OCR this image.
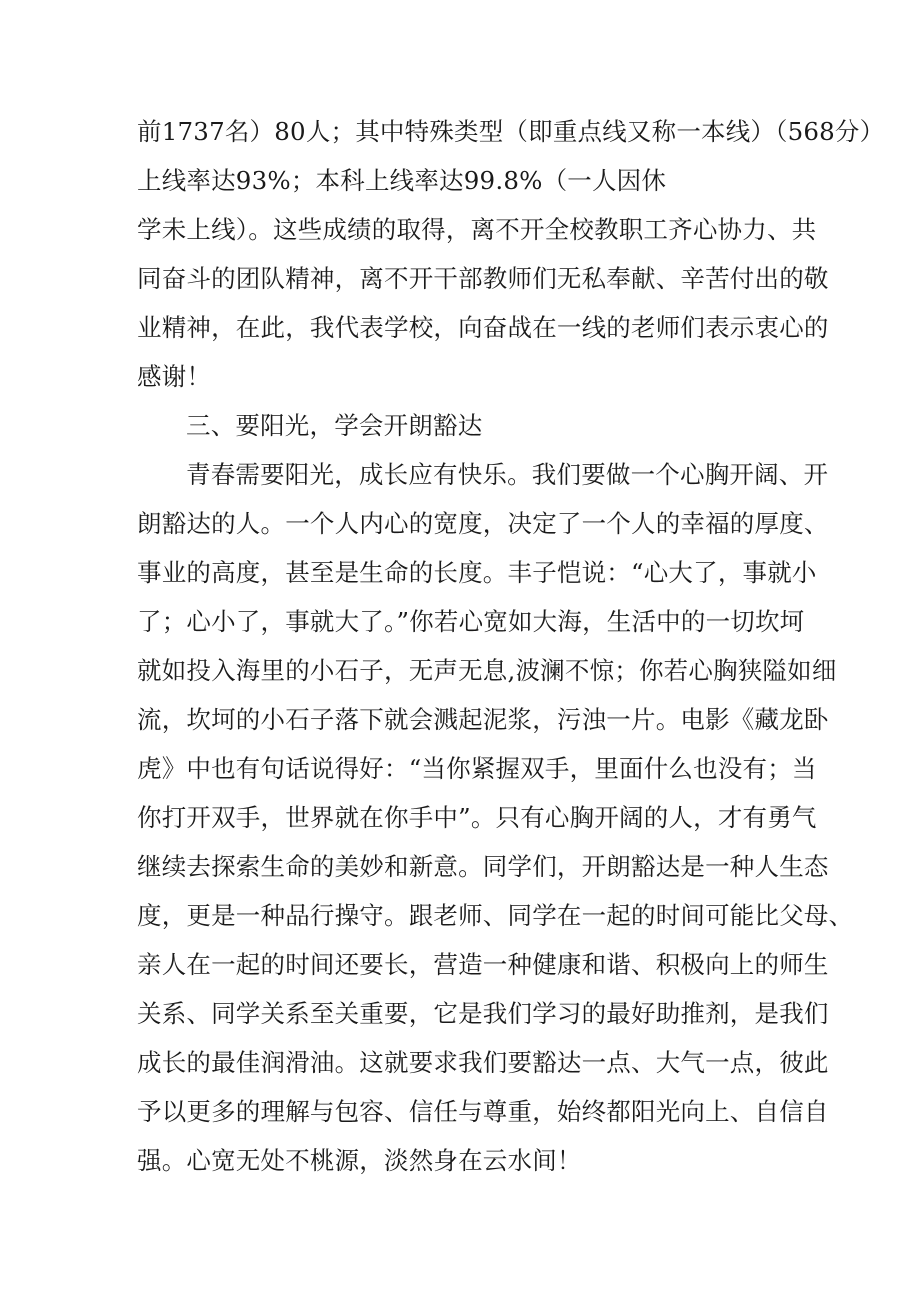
前1737名）80人；其中特殊类型（即重点线又称一本线）（568分）
上线率达93%；本科上线率达99.8%（一人因休
学未上线）。这些成绩的取得，离不开全校教职工齐心协力、共
同奋斗的团队精神，离不开干部教师们无私奉献、辛苦付出的敬
业精神，在此，我代表学校，向奋战在一线的老师们表示衷心的
感谢！
三、要阳光，学会开朗豁达
青春需要阳光，成长应有快乐。我们要做一个心胸开阔、开
朗豁达的人。一个人内心的宽度，决定了一个人的幸福的厚度、
事业的高度，甚至是生命的长度。丰子恺说：“心大了，事就小
了；心小了，事就大了。”你若心宽如大海，生活中的一切坎坷
就如投入海里的小石子，无声无息,波澜不惊；你若心胸狭隘如细
流，坎坷的小石子落下就会溅起泥浆，污浊一片。电影《藏龙卧
虎》中也有句话说得好：“当你紧握双手，里面什么也没有；当
你打开双手，世界就在你手中”。只有心胸开阔的人，才有勇气
继续去探索生命的美妙和新意。同学们，开朗豁达是一种人生态
度，更是一种品行操守。跟老师、同学在一起的时间可能比父母、
亲人在一起的时间还要长，营造一种健康和谐、积极向上的师生
关系、同学关系至关重要，它是我们学习的最好助推剂，是我们
成长的最佳润滑油。这就要求我们要豁达一点、大气一点，彼此
予以更多的理解与包容、信任与尊重，始终都阳光向上、自信自
强。心宽无处不桃源，淡然身在云水间！
